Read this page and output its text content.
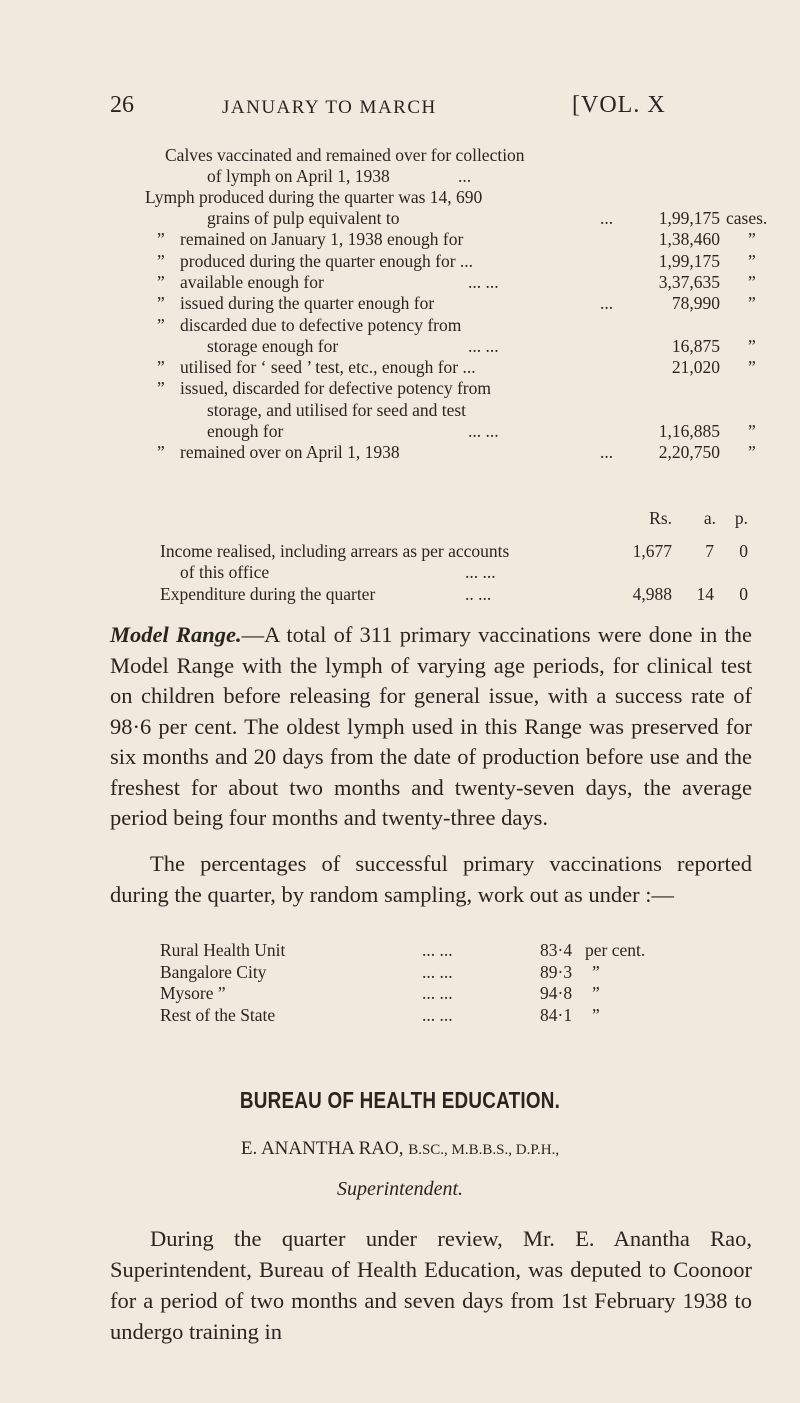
26	JANUARY TO MARCH	[VOL. X
Calves vaccinated and remained over for collection
of lymph on April 1, 1938	...
Lymph produced during the quarter was 14, 690
grains of pulp equivalent to	...	1,99,175 cases.
” remained on January 1, 1938 enough for	1,38,460 ”
” produced during the quarter enough for ...	1,99,175 ”
” available enough for	... ...	3,37,635 ”
” issued during the quarter enough for	...	78,990 ”
” discarded due to defective potency from
storage enough for	... ...	16,875 ”
” utilised for ‘ seed ’ test, etc., enough for ...	21,020 ”
” issued, discarded for defective potency from
storage, and utilised for seed and test
enough for	... ...	1,16,885 ”
” remained over on April 1, 1938	...	2,20,750 ”
Rs. a. p.
Income realised, including arrears as per accounts	1,677 7 0
of this office	... ...
Expenditure during the quarter	.. ...	4,988 14 0

Model Range.—A total of 311 primary vaccinations were done in the Model Range with the lymph of varying age periods, for clinical test on children before releasing for general issue, with a success rate of 98·6 per cent. The oldest lymph used in this Range was preserved for six months and 20 days from the date of production before use and the freshest for about two months and twenty-seven days, the average period being four months and twenty-three days.

The percentages of successful primary vaccinations reported during the quarter, by random sampling, work out as under :—

Rural Health Unit	... ...	83·4 per cent.
Bangalore City	... ...	89·3 ”
Mysore ”	... ...	94·8 ”
Rest of the State	... ...	84·1 ”
BUREAU OF HEALTH EDUCATION.
E. ANANTHA RAO, B.SC., M.B.B.S., D.P.H.,
Superintendent.

During the quarter under review, Mr. E. Anantha Rao, Superintendent, Bureau of Health Education, was deputed to Coonoor for a period of two months and seven days from 1st February 1938 to undergo training in
